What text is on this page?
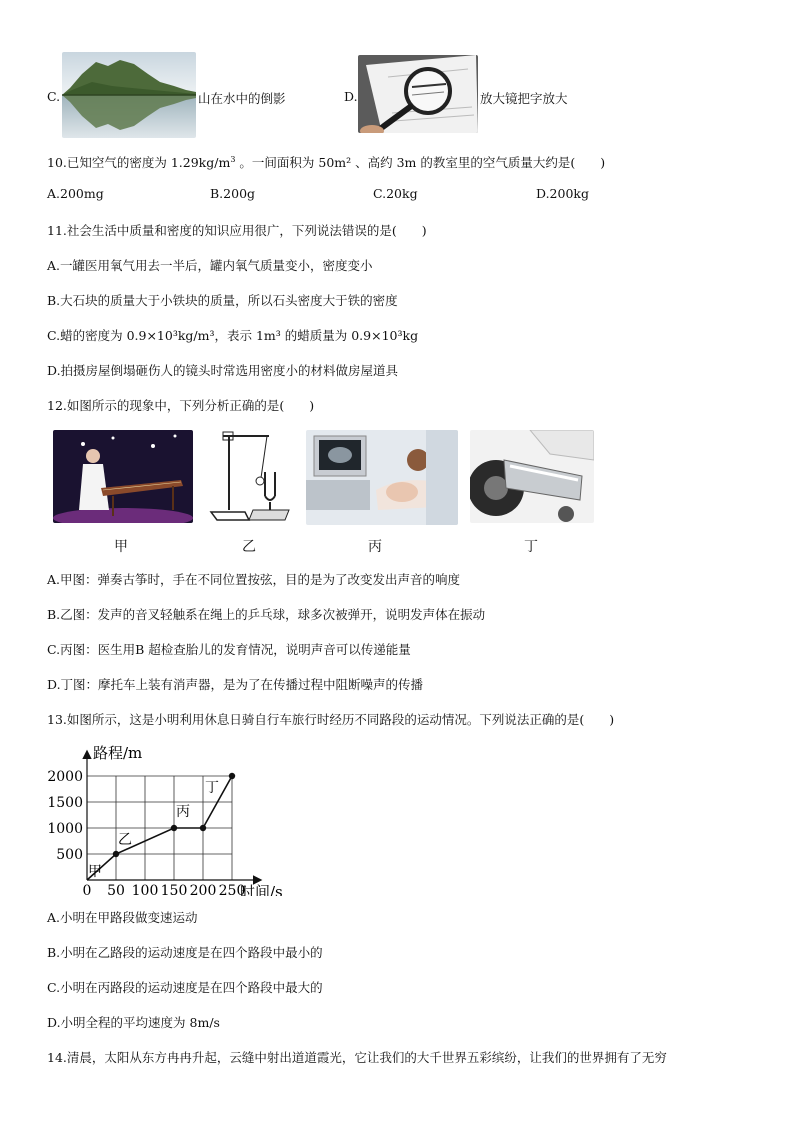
C.	山在水中的倒影	D.	放大镜把字放大
10.已知空气的密度为 $1.29kg/m^3$ 。一间面积为 50m² 、高约 3m 的教室里的空气质量大约是(　　)
A.200mg	B.200g	C.20kg	D.200kg
11.社会生活中质量和密度的知识应用很广，下列说法错误的是(　　)
A.一罐医用氧气用去一半后，罐内氧气质量变小，密度变小
B.大石块的质量大于小铁块的质量，所以石头密度大于铁的密度
C.蜡的密度为 0.9×10³kg/m³，表示 1m³ 的蜡质量为 0.9×10³kg
D.拍摄房屋倒塌砸伤人的镜头时常选用密度小的材料做房屋道具
12.如图所示的现象中，下列分析正确的是(　　)
甲	乙	丙	丁
A.甲图：弹奏古筝时，手在不同位置按弦，目的是为了改变发出声音的响度
B.乙图：发声的音叉轻触系在绳上的乒乓球，球多次被弹开，说明发声体在振动
C.丙图：医生用B 超检查胎儿的发育情况，说明声音可以传递能量
D.丁图：摩托车上装有消声器，是为了在传播过程中阻断噪声的传播
13.如图所示，这是小明利用休息日骑自行车旅行时经历不同路段的运动情况。下列说法正确的是(　　)
0 50 100 150 200 250
500
1000
1500
2000
路程/m
时间/s
甲
乙
丙
丁
A.小明在甲路段做变速运动
B.小明在乙路段的运动速度是在四个路段中最小的
C.小明在丙路段的运动速度是在四个路段中最大的
D.小明全程的平均速度为 8m/s
14.清晨，太阳从东方冉冉升起，云缝中射出道道霞光，它让我们的大千世界五彩缤纷，让我们的世界拥有了无穷
